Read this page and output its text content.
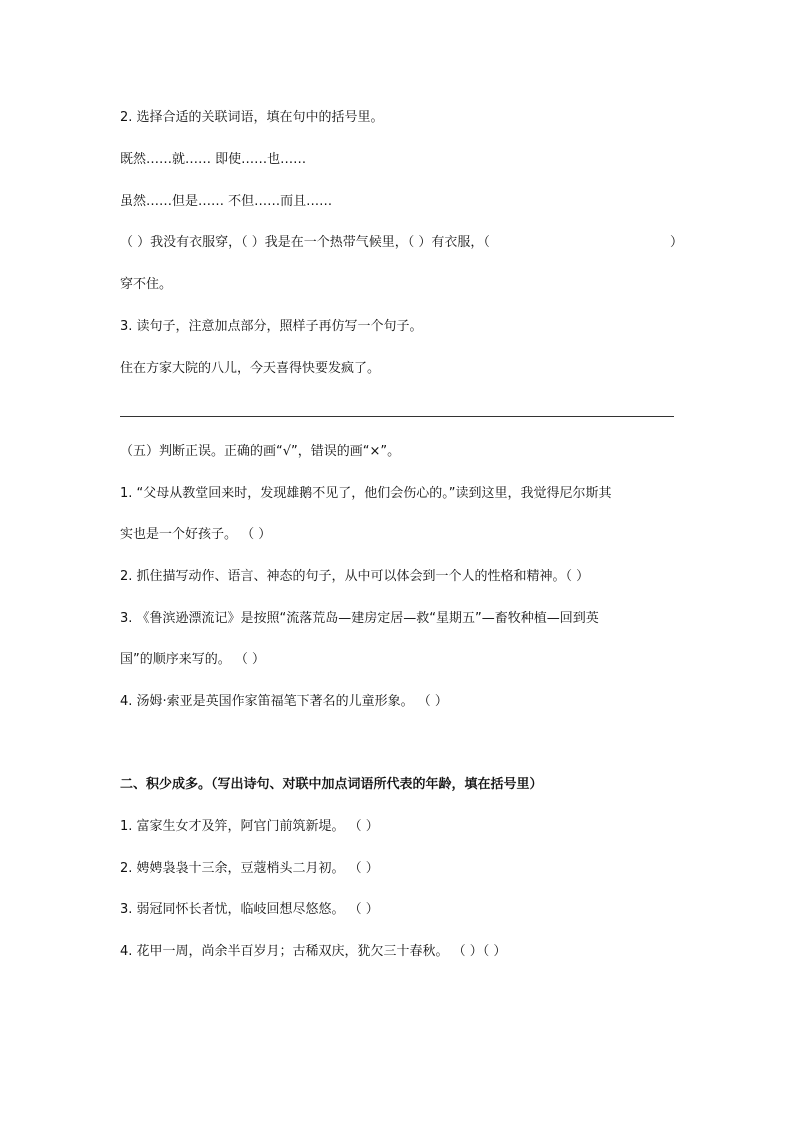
2. 选择合适的关联词语，填在句中的括号里。
既然……就…… 即使……也……
虽然……但是…… 不但……而且……
（ ）我没有衣服穿，（ ）我是在一个热带气候里，（ ）有衣服，（	）
穿不住。
3. 读句子，注意加点部分，照样子再仿写一个句子。
住在方家大院的八儿，今天喜得快要发疯了。
（五）判断正误。正确的画“√”，错误的画“×”。
1. “父母从教堂回来时，发现雄鹅不见了，他们会伤心的。”读到这里，我觉得尼尔斯其
实也是一个好孩子。 （ ）
2. 抓住描写动作、语言、神态的句子，从中可以体会到一个人的性格和精神。（ ）
3. 《鲁滨逊漂流记》是按照“流落荒岛—建房定居—救“星期五”—畜牧种植—回到英
国”的顺序来写的。 （ ）
4. 汤姆·索亚是英国作家笛福笔下著名的儿童形象。 （ ）
二、积少成多。（写出诗句、对联中加点词语所代表的年龄，填在括号里）
1. 富家生女才及笄，阿官门前筑新堤。 （ ）
2. 娉娉袅袅十三余，豆蔻梢头二月初。 （ ）
3. 弱冠同怀长者忧，临岐回想尽悠悠。 （ ）
4. 花甲一周，尚余半百岁月；古稀双庆，犹欠三十春秋。 （ ）（ ）
